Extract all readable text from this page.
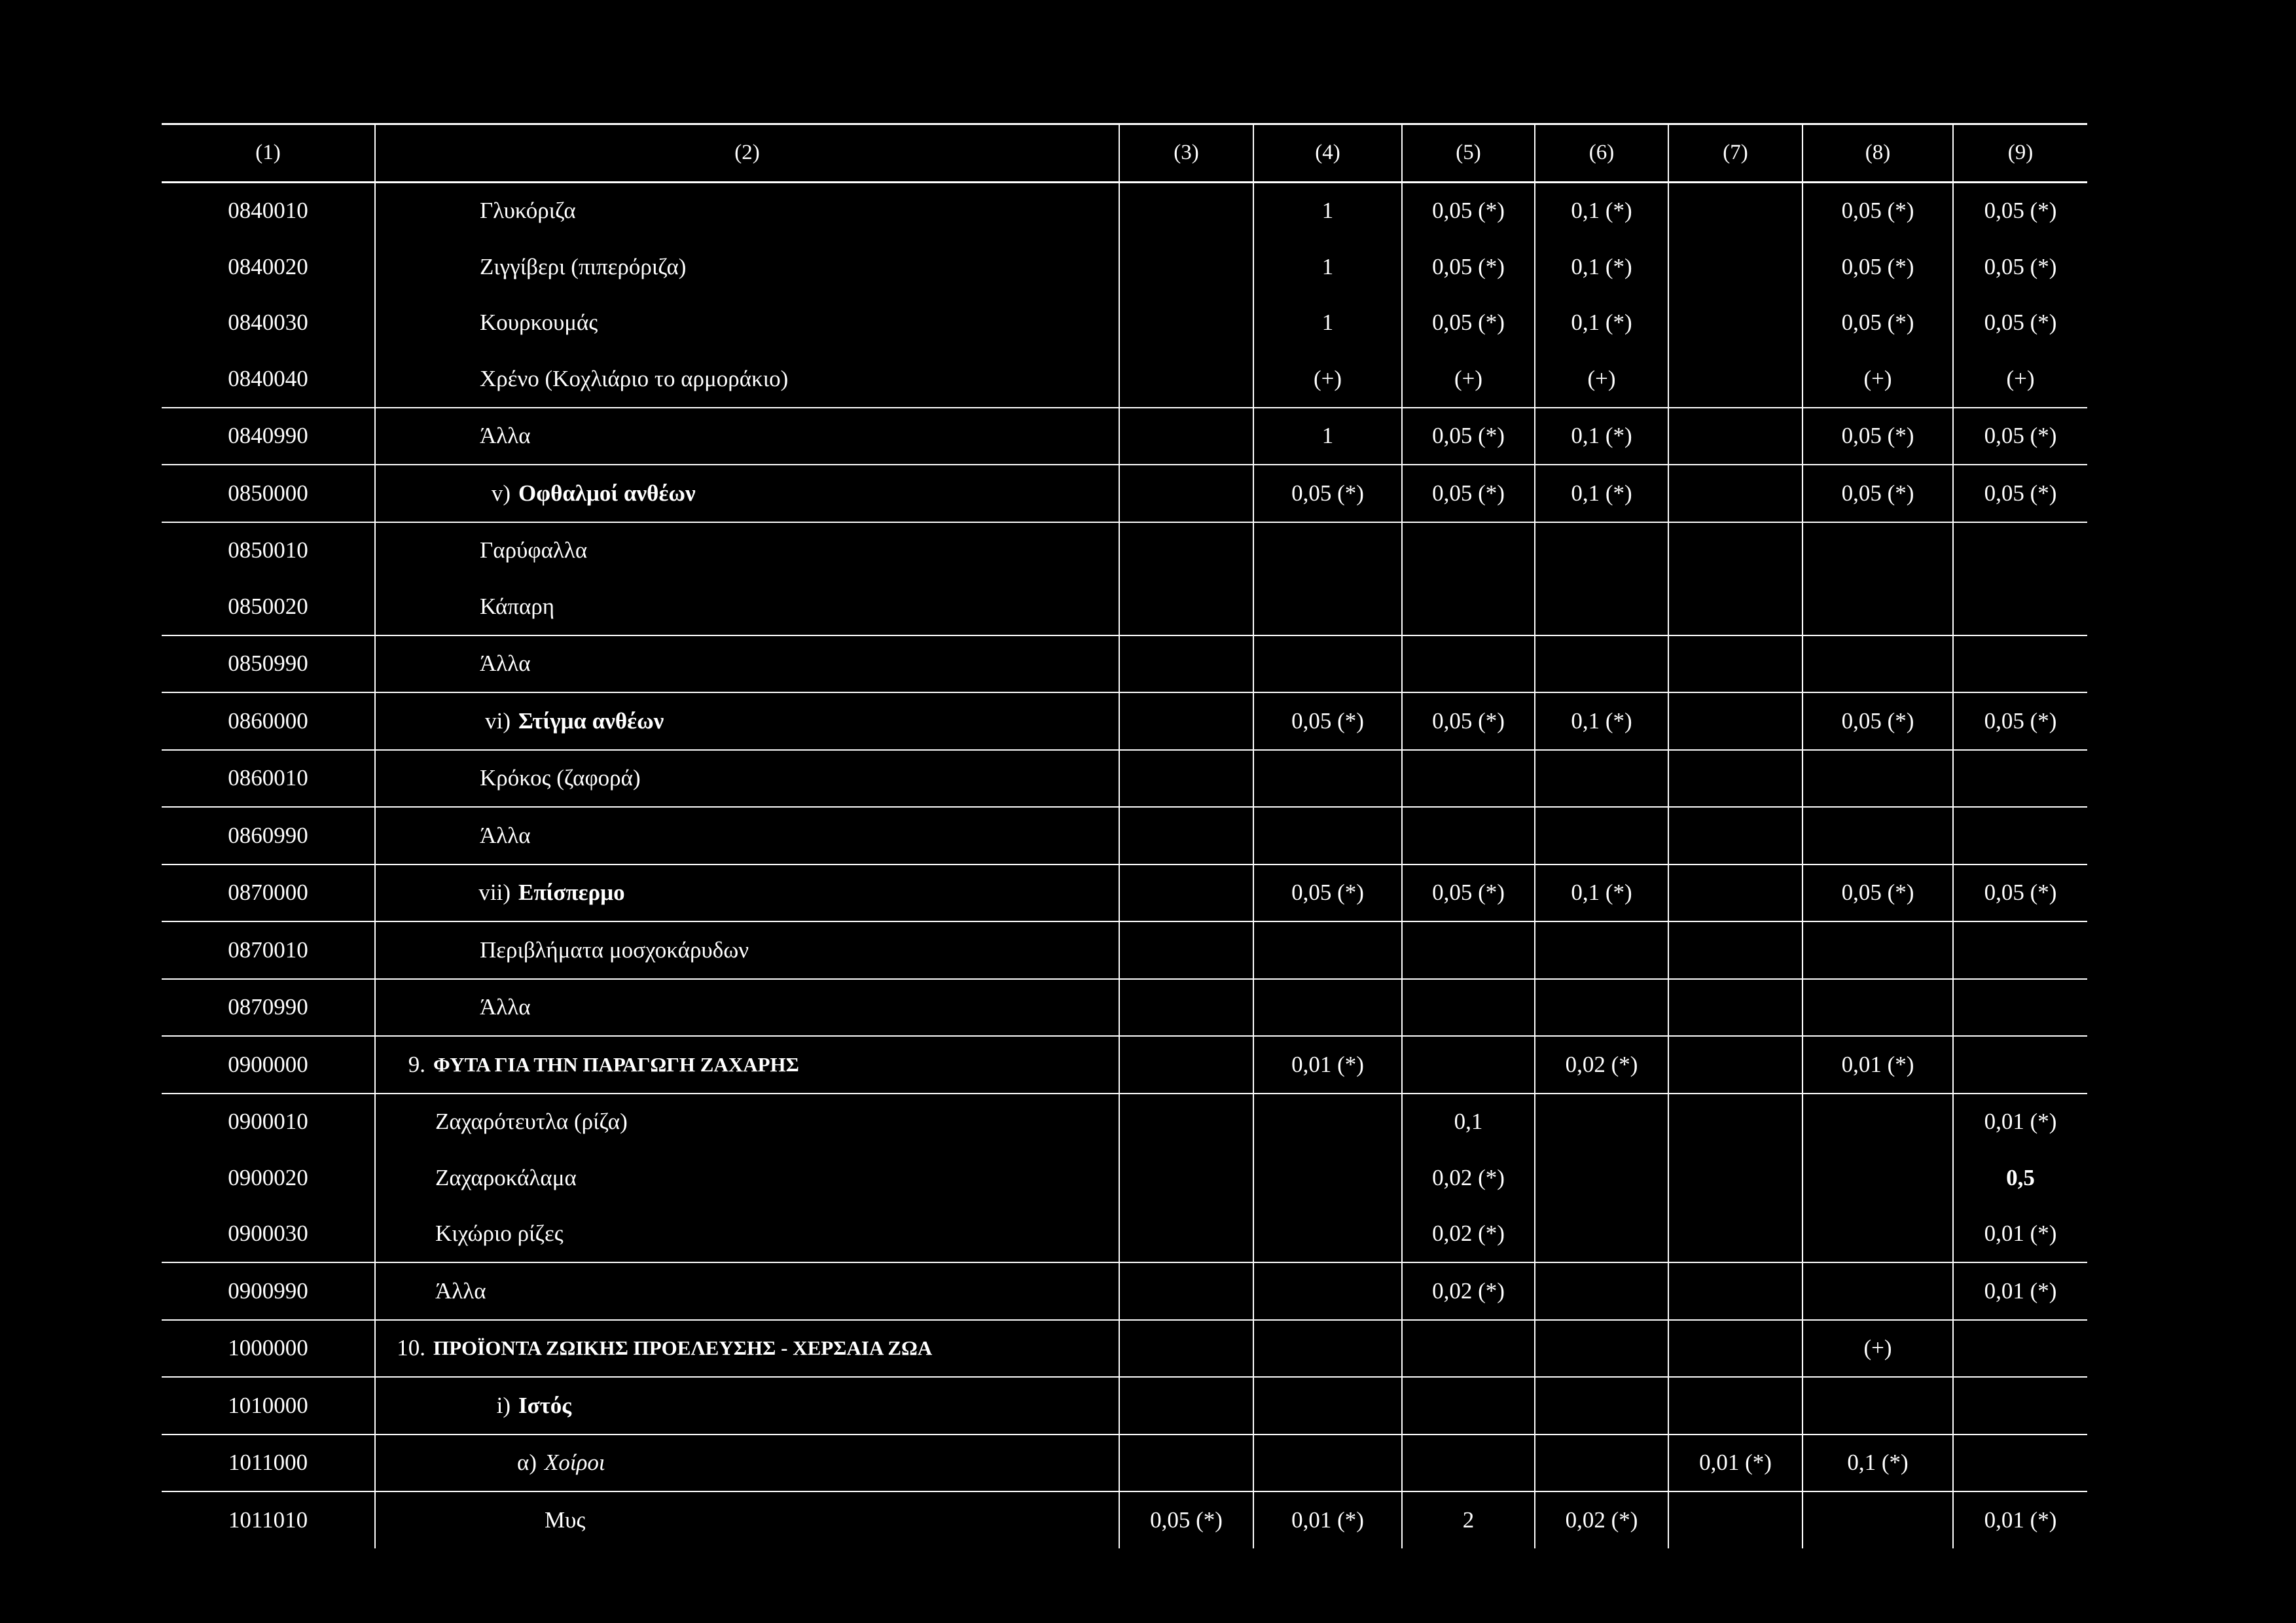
(1)	(2)	(3)	(4)	(5)	(6)	(7)	(8)	(9)
0840010	Γλυκόριζα		1	0,05 (*)	0,1 (*)		0,05 (*)	0,05 (*)
0840020	Ζιγγίβερι (πιπερόριζα)		1	0,05 (*)	0,1 (*)		0,05 (*)	0,05 (*)
0840030	Κουρκουμάς		1	0,05 (*)	0,1 (*)		0,05 (*)	0,05 (*)
0840040	Χρένο (Κοχλιάριο το αρμοράκιο)		(+)	(+)	(+)		(+)	(+)
0840990	Άλλα		1	0,05 (*)	0,1 (*)		0,05 (*)	0,05 (*)
0850000	v) Οφθαλμοί ανθέων		0,05 (*)	0,05 (*)	0,1 (*)		0,05 (*)	0,05 (*)
0850010	Γαρύφαλλα							

0850020	Κάπαρη							

0850990	Άλλα							

0860000	vi) Στίγμα ανθέων		0,05 (*)	0,05 (*)	0,1 (*)		0,05 (*)	0,05 (*)
0860010	Κρόκος (ζαφορά)							

0860990	Άλλα							

0870000	vii) Επίσπερμο		0,05 (*)	0,05 (*)	0,1 (*)		0,05 (*)	0,05 (*)
0870010	Περιβλήματα μοσχοκάρυδων							

0870990	Άλλα							

0900000	9. ΦΥΤΑ ΓΙΑ ΤΗΝ ΠΑΡΑΓΩΓΗ ΖΑΧΑΡΗΣ		0,01 (*)		0,02 (*)		0,01 (*)	
0900010	Ζαχαρότευτλα (ρίζα)			0,1				0,01 (*)
0900020	Ζαχαροκάλαμα			0,02 (*)				0,5
0900030	Κιχώριο ρίζες			0,02 (*)				0,01 (*)
0900990	Άλλα			0,02 (*)				0,01 (*)
1000000	10. ΠΡΟΪΟΝΤΑ ΖΩΙΚΗΣ ΠΡΟΕΛΕΥΣΗΣ - ΧΕΡΣΑΙΑ ΖΩΑ						(+)	
1010000	i) Ιστός							

1011000	α) Χοίροι					0,01 (*)	0,1 (*)	
1011010	Μυς	0,05 (*)	0,01 (*)	2	0,02 (*)			0,01 (*)
